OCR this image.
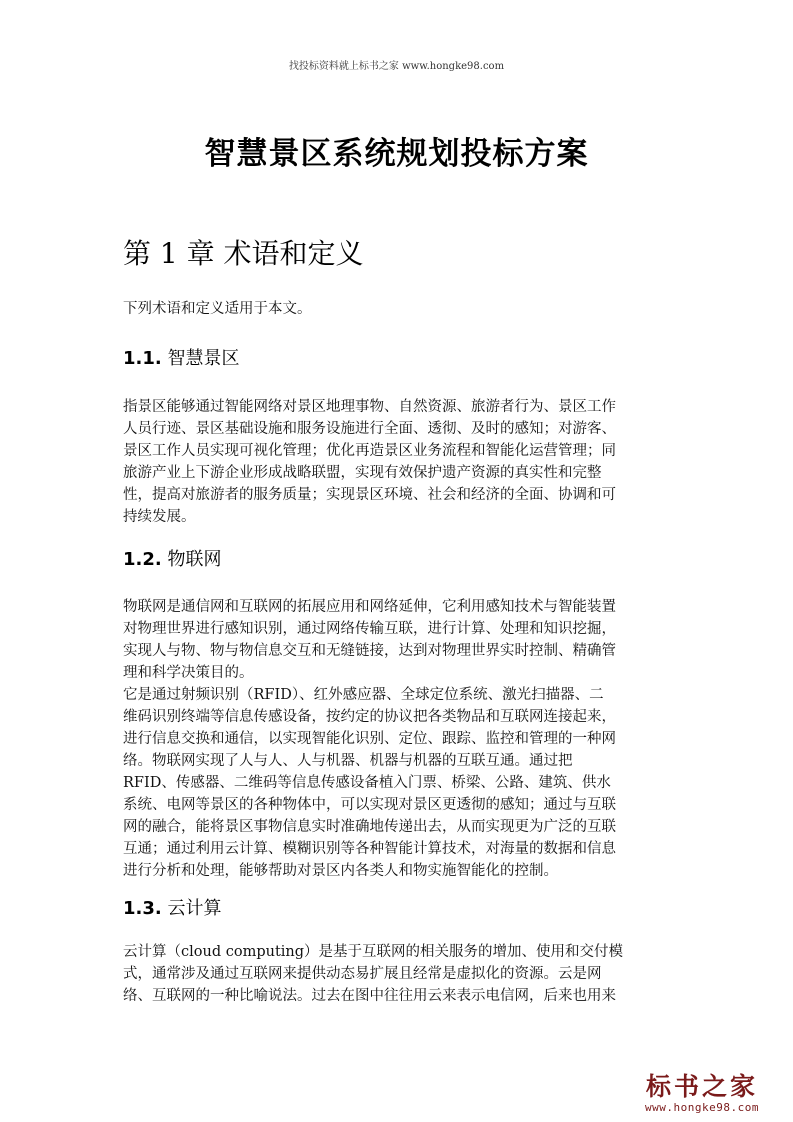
找投标资料就上标书之家 www.hongke98.com
智慧景区系统规划投标方案
第 1 章 术语和定义
下列术语和定义适用于本文。
1.1. 智慧景区
指景区能够通过智能网络对景区地理事物、自然资源、旅游者行为、景区工作
人员行迹、景区基础设施和服务设施进行全面、透彻、及时的感知；对游客、
景区工作人员实现可视化管理；优化再造景区业务流程和智能化运营管理；同
旅游产业上下游企业形成战略联盟，实现有效保护遗产资源的真实性和完整
性，提高对旅游者的服务质量；实现景区环境、社会和经济的全面、协调和可
持续发展。
1.2. 物联网
物联网是通信网和互联网的拓展应用和网络延伸，它利用感知技术与智能装置
对物理世界进行感知识别，通过网络传输互联，进行计算、处理和知识挖掘，
实现人与物、物与物信息交互和无缝链接，达到对物理世界实时控制、精确管
理和科学决策目的。
它是通过射频识别（RFID）、红外感应器、全球定位系统、激光扫描器、二
维码识别终端等信息传感设备，按约定的协议把各类物品和互联网连接起来，
进行信息交换和通信，以实现智能化识别、定位、跟踪、监控和管理的一种网
络。物联网实现了人与人、人与机器、机器与机器的互联互通。通过把
RFID、传感器、二维码等信息传感设备植入门票、桥梁、公路、建筑、供水
系统、电网等景区的各种物体中，可以实现对景区更透彻的感知；通过与互联
网的融合，能将景区事物信息实时准确地传递出去，从而实现更为广泛的互联
互通；通过利用云计算、模糊识别等各种智能计算技术，对海量的数据和信息
进行分析和处理，能够帮助对景区内各类人和物实施智能化的控制。
1.3. 云计算
云计算（cloud computing）是基于互联网的相关服务的增加、使用和交付模
式，通常涉及通过互联网来提供动态易扩展且经常是虚拟化的资源。云是网
络、互联网的一种比喻说法。过去在图中往往用云来表示电信网，后来也用来
标书之家
www.hongke98.com
